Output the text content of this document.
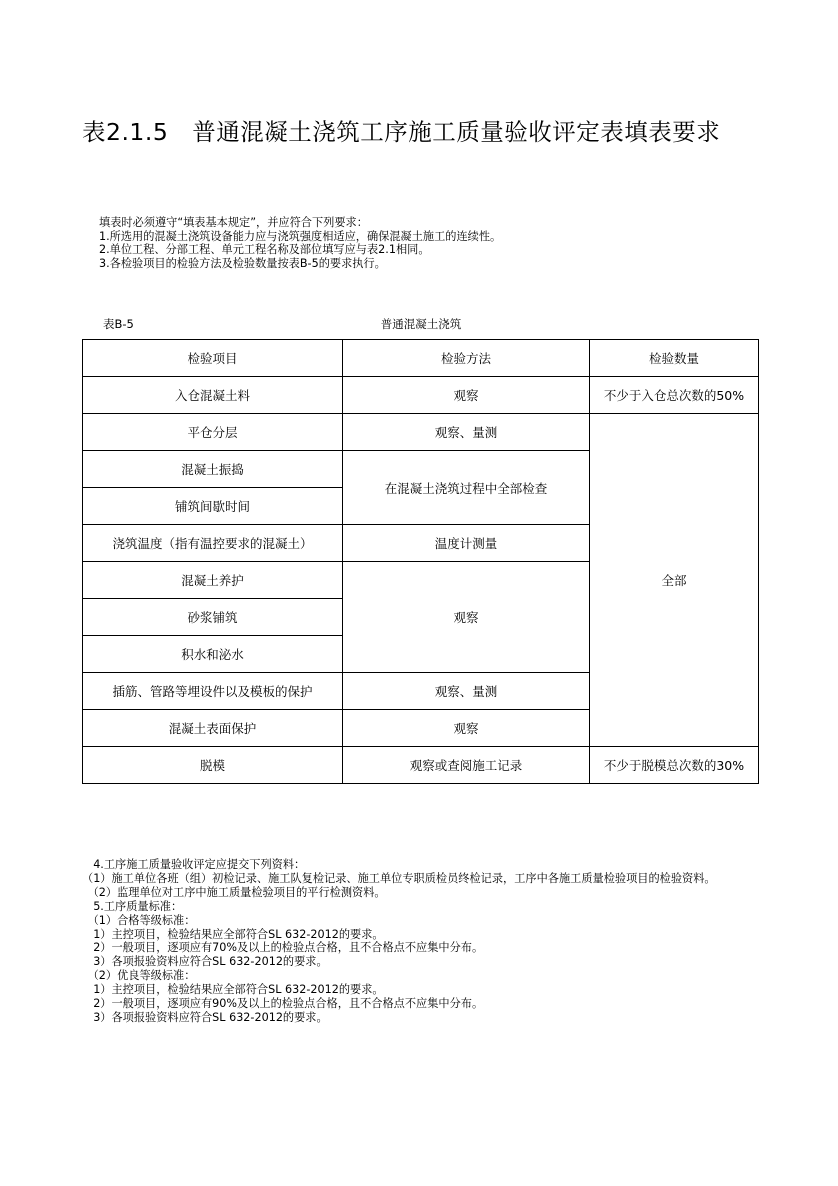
表2.1.5　普通混凝土浇筑工序施工质量验收评定表填表要求
填表时必须遵守“填表基本规定”，并应符合下列要求：
1.所选用的混凝土浇筑设备能力应与浇筑强度相适应，确保混凝土施工的连续性。
2.单位工程、分部工程、单元工程名称及部位填写应与表2.1相同。
3.各检验项目的检验方法及检验数量按表B-5的要求执行。
表B-5	普通混凝土浇筑
检验项目	检验方法	检验数量
入仓混凝土料	观察	不少于入仓总次数的50%
平仓分层	观察、量测	全部
混凝土振捣	在混凝土浇筑过程中全部检查	
铺筑间歇时间		
浇筑温度（指有温控要求的混凝土）	温度计测量	
混凝土养护	观察	
砂浆铺筑		
积水和泌水		
插筋、管路等埋设件以及模板的保护	观察、量测	
混凝土表面保护	观察	
脱模	观察或查阅施工记录	不少于脱模总次数的30%
　4.工序施工质量验收评定应提交下列资料：
（1）施工单位各班（组）初检记录、施工队复检记录、施工单位专职质检员终检记录，工序中各施工质量检验项目的检验资料。
　（2）监理单位对工序中施工质量检验项目的平行检测资料。
　5.工序质量标准：
　（1）合格等级标准：
　1）主控项目，检验结果应全部符合SL 632-2012的要求。
　2）一般项目，逐项应有70%及以上的检验点合格，且不合格点不应集中分布。
　3）各项报验资料应符合SL 632-2012的要求。
　（2）优良等级标准：
　1）主控项目，检验结果应全部符合SL 632-2012的要求。
　2）一般项目，逐项应有90%及以上的检验点合格，且不合格点不应集中分布。
　3）各项报验资料应符合SL 632-2012的要求。
